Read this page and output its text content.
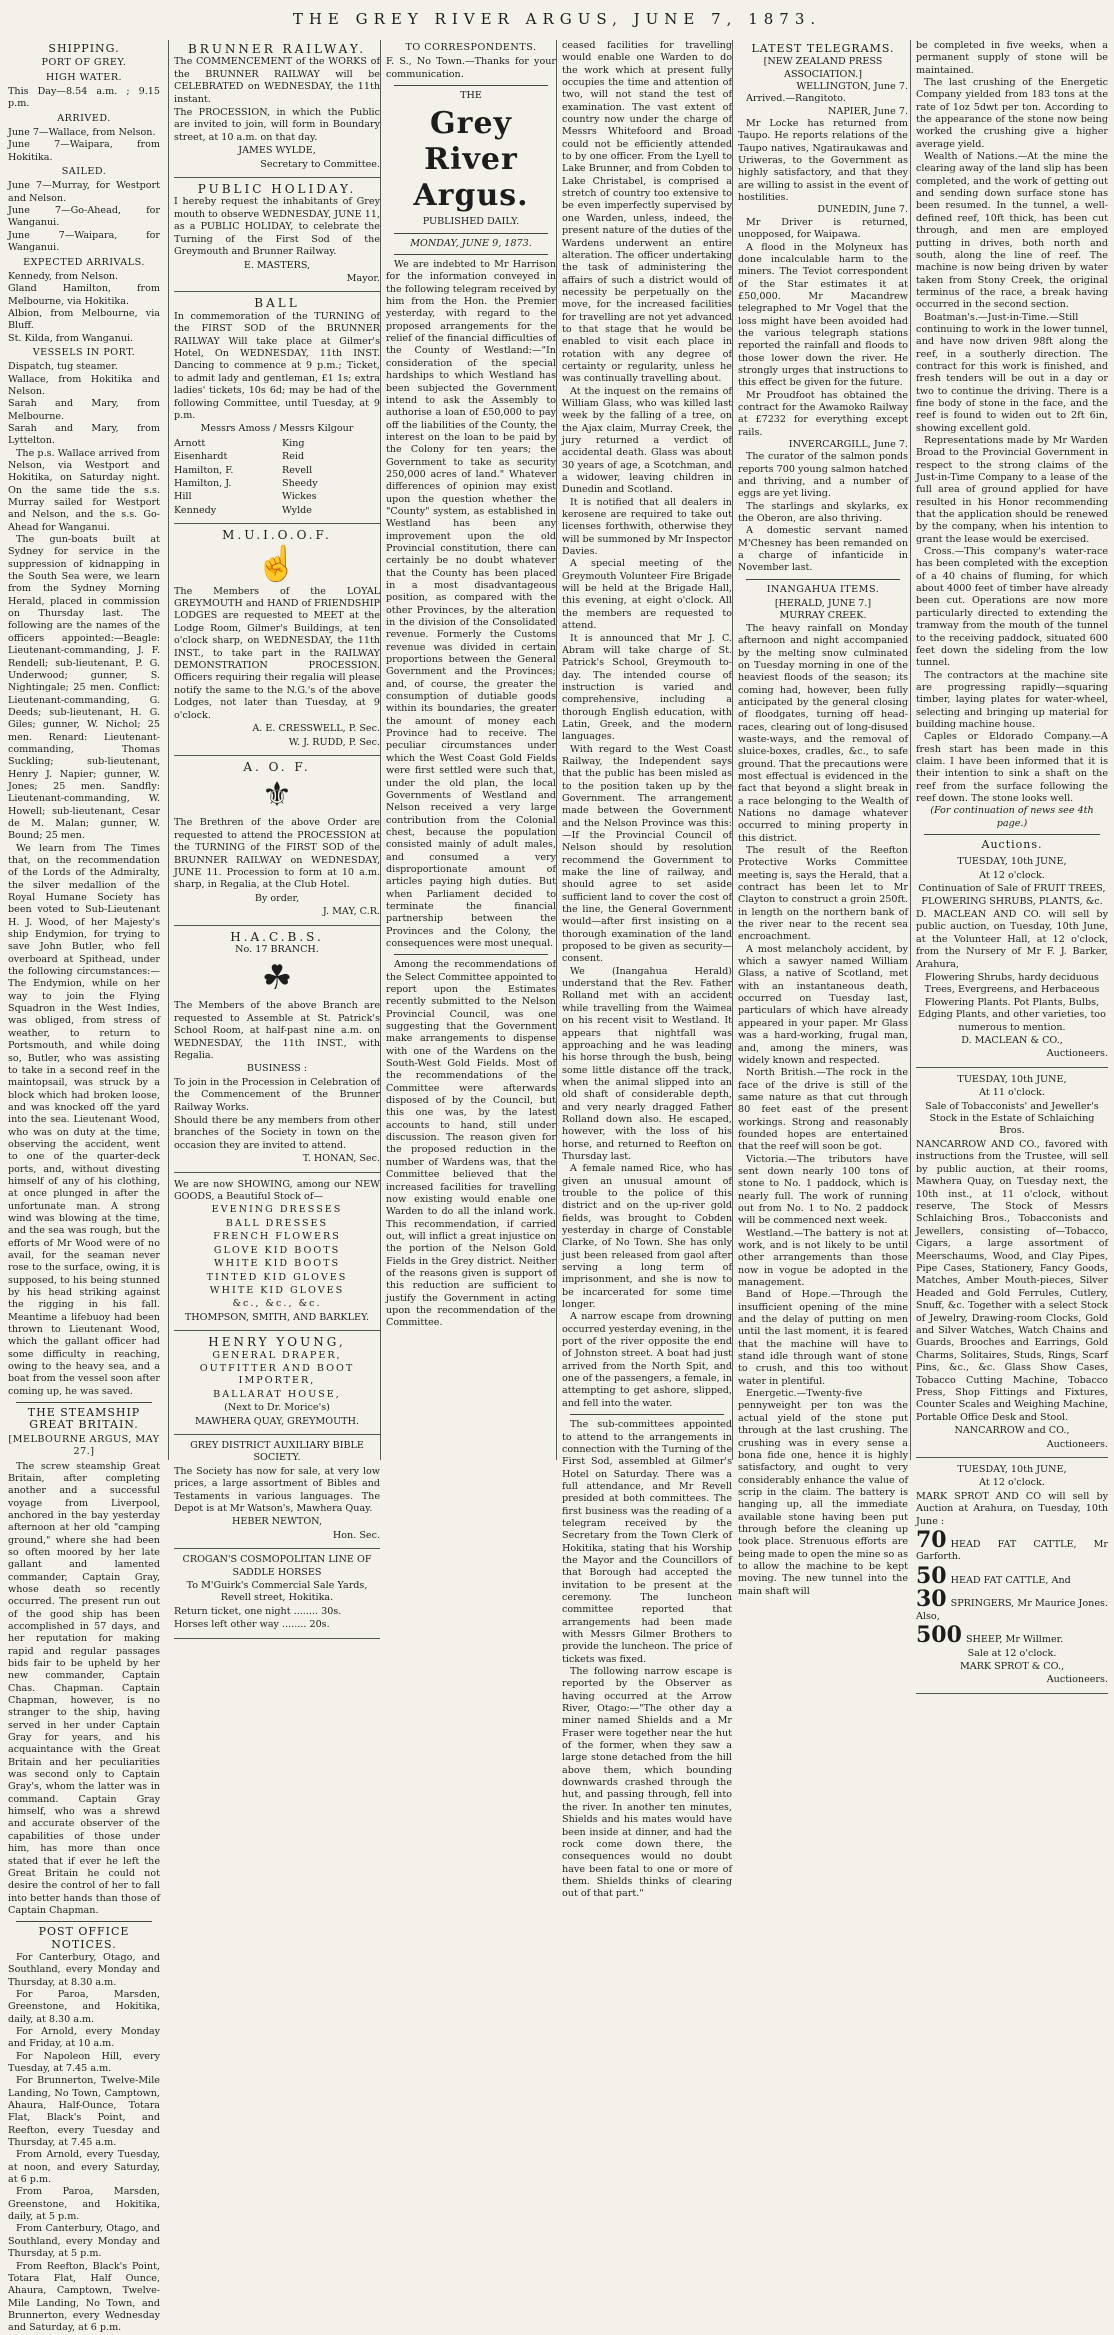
THE GREY RIVER ARGUS, JUNE 7, 1873.
SHIPPING.
PORT OF GREY.
HIGH WATER.

This Day—8.54 a.m. ; 9.15 p.m.

ARRIVED.

June 7—Wallace, from Nelson.

June 7—Waipara, from Hokitika.

SAILED.

June 7—Murray, for Westport and Nelson.

June 7—Go-Ahead, for Wanganui.

June 7—Waipara, for Wanganui.

EXPECTED ARRIVALS.

Kennedy, from Nelson.

Gland Hamilton, from Melbourne, via Hokitika.

Albion, from Melbourne, via Bluff.

St. Kilda, from Wanganui.

VESSELS IN PORT.

Dispatch, tug steamer.

Wallace, from Hokitika and Nelson.

Sarah and Mary, from Melbourne.

Sarah and Mary, from Lyttelton.

The p.s. Wallace arrived from Nelson, via Westport and Hokitika, on Saturday night. On the same tide the s.s. Murray sailed for Westport and Nelson, and the s.s. Go-Ahead for Wanganui.

The gun-boats built at Sydney for service in the suppression of kidnapping in the South Sea were, we learn from the Sydney Morning Herald, placed in commission on Thursday last. The following are the names of the officers appointed:—Beagle: Lieutenant-commanding, J. F. Rendell; sub-lieutenant, P. G. Underwood; gunner, S. Nightingale; 25 men. Conflict: Lieutenant-commanding, G. Deeds; sub-lieutenant, H. G. Giles; gunner, W. Nichol; 25 men. Renard: Lieutenant-commanding, Thomas Suckling; sub-lieutenant, Henry J. Napier; gunner, W. Jones; 25 men. Sandfly: Lieutenant-commanding, W. Howell; sub-lieutenant, Cesar de M. Malan; gunner, W. Bound; 25 men.

We learn from The Times that, on the recommendation of the Lords of the Admiralty, the silver medallion of the Royal Humane Society has been voted to Sub-Lieutenant H. J. Wood, of her Majesty's ship Endymion, for trying to save John Butler, who fell overboard at Spithead, under the following circumstances:—The Endymion, while on her way to join the Flying Squadron in the West Indies, was obliged, from stress of weather, to return to Portsmouth, and while doing so, Butler, who was assisting to take in a second reef in the maintopsail, was struck by a block which had broken loose, and was knocked off the yard into the sea. Lieutenant Wood, who was on duty at the time, observing the accident, went to one of the quarter-deck ports, and, without divesting himself of any of his clothing, at once plunged in after the unfortunate man. A strong wind was blowing at the time, and the sea was rough, but the efforts of Mr Wood were of no avail, for the seaman never rose to the surface, owing, it is supposed, to his being stunned by his head striking against the rigging in his fall. Meantime a lifebuoy had been thrown to Lieutenant Wood, which the gallant officer had some difficulty in reaching, owing to the heavy sea, and a boat from the vessel soon after coming up, he was saved.

THE STEAMSHIP GREAT BRITAIN.
[MELBOURNE ARGUS, MAY 27.]

The screw steamship Great Britain, after completing another and a successful voyage from Liverpool, anchored in the bay yesterday afternoon at her old "camping ground," where she had been so often moored by her late gallant and lamented commander, Captain Gray, whose death so recently occurred. The present run out of the good ship has been accomplished in 57 days, and her reputation for making rapid and regular passages bids fair to be upheld by her new commander, Captain Chas. Chapman. Captain Chapman, however, is no stranger to the ship, having served in her under Captain Gray for years, and his acquaintance with the Great Britain and her peculiarities was second only to Captain Gray's, whom the latter was in command. Captain Gray himself, who was a shrewd and accurate observer of the capabilities of those under him, has more than once stated that if ever he left the Great Britain he could not desire the control of her to fall into better hands than those of Captain Chapman.

POST OFFICE NOTICES.

For Canterbury, Otago, and Southland, every Monday and Thursday, at 8.30 a.m.

For Paroa, Marsden, Greenstone, and Hokitika, daily, at 8.30 a.m.

For Arnold, every Monday and Friday, at 10 a.m.

For Napoleon Hill, every Tuesday, at 7.45 a.m.

For Brunnerton, Twelve-Mile Landing, No Town, Camptown, Ahaura, Half-Ounce, Totara Flat, Black's Point, and Reefton, every Tuesday and Thursday, at 7.45 a.m.

From Arnold, every Tuesday, at noon, and every Saturday, at 6 p.m.

From Paroa, Marsden, Greenstone, and Hokitika, daily, at 5 p.m.

From Canterbury, Otago, and Southland, every Monday and Thursday, at 5 p.m.

From Reefton, Black's Point, Totara Flat, Half Ounce, Ahaura, Camptown, Twelve-Mile Landing, No Town, and Brunnerton, every Wednesday and Saturday, at 6 p.m.

BRUNNER RAILWAY.

The COMMENCEMENT of the WORKS of the BRUNNER RAILWAY will be CELEBRATED on WEDNESDAY, the 11th instant.

The PROCESSION, in which the Public are invited to join, will form in Boundary street, at 10 a.m. on that day.

JAMES WYLDE,

Secretary to Committee.

PUBLIC HOLIDAY.

I hereby request the inhabitants of Grey mouth to observe WEDNESDAY, JUNE 11, as a PUBLIC HOLIDAY, to celebrate the Turning of the First Sod of the Greymouth and Brunner Railway.

E. MASTERS,

Mayor.

BALL

In commemoration of the TURNING of the FIRST SOD of the BRUNNER RAILWAY Will take place at Gilmer's Hotel, On WEDNESDAY, 11th INST. Dancing to commence at 9 p.m.; Ticket, to admit lady and gentleman, £1 1s; extra ladies' tickets, 10s 6d; may be had of the following Committee, until Tuesday, at 9 p.m.

Messrs Amoss / Messrs Kilgour

Arnott

Eisenhardt

Hamilton, F.

Hamilton, J.

Hill

Kennedy

King

Reid

Revell

Sheedy

Wickes

Wylde

M.U.I.O.O.F.
☝

The Members of the LOYAL GREYMOUTH and HAND of FRIENDSHIP LODGES are requested to MEET at the Lodge Room, Gilmer's Buildings, at ten o'clock sharp, on WEDNESDAY, the 11th INST., to take part in the RAILWAY DEMONSTRATION PROCESSION. Officers requiring their regalia will please notify the same to the N.G.'s of the above Lodges, not later than Tuesday, at 9 o'clock.

A. E. CRESSWELL, P. Sec.

W. J. RUDD, P. Sec.

A. O. F.
⚜

The Brethren of the above Order are requested to attend the PROCESSION at the TURNING of the FIRST SOD of the BRUNNER RAILWAY on WEDNESDAY, JUNE 11. Procession to form at 10 a.m. sharp, in Regalia, at the Club Hotel.

By order,

J. MAY, C.R.

H.A.C.B.S.

No. 17 BRANCH.

☘

The Members of the above Branch are requested to Assemble at St. Patrick's School Room, at half-past nine a.m. on WEDNESDAY, the 11th INST., with Regalia.

BUSINESS :

To join in the Procession in Celebration of the Commencement of the Brunner Railway Works.

Should there be any members from other branches of the Society in town on the occasion they are invited to attend.

T. HONAN, Sec.

We are now SHOWING, among our NEW GOODS, a Beautiful Stock of—

EVENING DRESSES

BALL DRESSES

FRENCH FLOWERS

GLOVE KID BOOTS

WHITE KID BOOTS

TINTED KID GLOVES

WHITE KID GLOVES

&c., &c., &c.

THOMPSON, SMITH, AND BARKLEY.

HENRY YOUNG,

GENERAL DRAPER,

OUTFITTER AND BOOT IMPORTER,

BALLARAT HOUSE,

(Next to Dr. Morice's)

MAWHERA QUAY, GREYMOUTH.

GREY DISTRICT AUXILIARY BIBLE SOCIETY.

The Society has now for sale, at very low prices, a large assortment of Bibles and Testaments in various languages. The Depot is at Mr Watson's, Mawhera Quay.

HEBER NEWTON,

Hon. Sec.

CROGAN'S COSMOPOLITAN LINE OF SADDLE HORSES

To M'Guirk's Commercial Sale Yards, Revell street, Hokitika.

Return ticket, one night ........ 30s.

Horses left other way ........ 20s.

TO CORRESPONDENTS.

F. S., No Town.—Thanks for your communication.

THE

Grey River Argus.

PUBLISHED DAILY.

MONDAY, JUNE 9, 1873.

We are indebted to Mr Harrison for the information conveyed in the following telegram received by him from the Hon. the Premier yesterday, with regard to the proposed arrangements for the relief of the financial difficulties of the County of Westland:—"In consideration of the special hardships to which Westland has been subjected the Government intend to ask the Assembly to authorise a loan of £50,000 to pay off the liabilities of the County, the interest on the loan to be paid by the Colony for ten years; the Government to take as security 250,000 acres of land." Whatever differences of opinion may exist upon the question whether the "County" system, as established in Westland has been any improvement upon the old Provincial constitution, there can certainly be no doubt whatever that the County has been placed in a most disadvantageous position, as compared with the other Provinces, by the alteration in the division of the Consolidated revenue. Formerly the Customs revenue was divided in certain proportions between the General Government and the Provinces; and, of course, the greater the consumption of dutiable goods within its boundaries, the greater the amount of money each Province had to receive. The peculiar circumstances under which the West Coast Gold Fields were first settled were such that, under the old plan, the local Governments of Westland and Nelson received a very large contribution from the Colonial chest, because the population consisted mainly of adult males, and consumed a very disproportionate amount of articles paying high duties. But when Parliament decided to terminate the financial partnership between the Provinces and the Colony, the consequences were most unequal.

Among the recommendations of the Select Committee appointed to report upon the Estimates recently submitted to the Nelson Provincial Council, was one suggesting that the Government make arrangements to dispense with one of the Wardens on the South-West Gold Fields. Most of the recommendations of the Committee were afterwards disposed of by the Council, but this one was, by the latest accounts to hand, still under discussion. The reason given for the proposed reduction in the number of Wardens was, that the Committee believed that the increased facilities for travelling now existing would enable one Warden to do all the inland work. This recommendation, if carried out, will inflict a great injustice on the portion of the Nelson Gold Fields in the Grey district. Neither of the reasons given is support of this reduction are sufficient to justify the Government in acting upon the recommendation of the Committee.

ceased facilities for travelling would enable one Warden to do the work which at present fully occupies the time and attention of two, will not stand the test of examination. The vast extent of country now under the charge of Messrs Whitefoord and Broad could not be efficiently attended to by one officer. From the Lyell to Lake Brunner, and from Cobden to Lake Christabel, is comprised a stretch of country too extensive to be even imperfectly supervised by one Warden, unless, indeed, the present nature of the duties of the Wardens underwent an entire alteration. The officer undertaking the task of administering the affairs of such a district would of necessity be perpetually on the move, for the increased facilities for travelling are not yet advanced to that stage that he would be enabled to visit each place in rotation with any degree of certainty or regularity, unless he was continually travelling about.

At the inquest on the remains of William Glass, who was killed last week by the falling of a tree, on the Ajax claim, Murray Creek, the jury returned a verdict of accidental death. Glass was about 30 years of age, a Scotchman, and a widower, leaving children in Dunedin and Scotland.

It is notified that all dealers in kerosene are required to take out licenses forthwith, otherwise they will be summoned by Mr Inspector Davies.

A special meeting of the Greymouth Volunteer Fire Brigade will be held at the Brigade Hall, this evening, at eight o'clock. All the members are requested to attend.

It is announced that Mr J. C. Abram will take charge of St. Patrick's School, Greymouth to-day. The intended course of instruction is varied and comprehensive, including a thorough English education, with Latin, Greek, and the modern languages.

With regard to the West Coast Railway, the Independent says that the public has been misled as to the position taken up by the Government. The arrangement made between the Government and the Nelson Province was this:—If the Provincial Council of Nelson should by resolution recommend the Government to make the line of railway, and should agree to set aside sufficient land to cover the cost of the line, the General Government would—after first insisting on a thorough examination of the land proposed to be given as security—consent.

We (Inangahua Herald) understand that the Rev. Father Rolland met with an accident while travelling from the Waimea on his recent visit to Westland. It appears that nightfall was approaching and he was leading his horse through the bush, being some little distance off the track, when the animal slipped into an old shaft of considerable depth, and very nearly dragged Father Rolland down also. He escaped, however, with the loss of his horse, and returned to Reefton on Thursday last.

A female named Rice, who has given an unusual amount of trouble to the police of this district and on the up-river gold fields, was brought to Cobden yesterday in charge of Constable Clarke, of No Town. She has only just been released from gaol after serving a long term of imprisonment, and she is now to be incarcerated for some time longer.

A narrow escape from drowning occurred yesterday evening, in the port of the river opposite the end of Johnston street. A boat had just arrived from the North Spit, and one of the passengers, a female, in attempting to get ashore, slipped, and fell into the water.

The sub-committees appointed to attend to the arrangements in connection with the Turning of the First Sod, assembled at Gilmer's Hotel on Saturday. There was a full attendance, and Mr Revell presided at both committees. The first business was the reading of a telegram received by the Secretary from the Town Clerk of Hokitika, stating that his Worship the Mayor and the Councillors of that Borough had accepted the invitation to be present at the ceremony. The luncheon committee reported that arrangements had been made with Messrs Gilmer Brothers to provide the luncheon. The price of tickets was fixed.

The following narrow escape is reported by the Observer as having occurred at the Arrow River, Otago:—"The other day a miner named Shields and a Mr Fraser were together near the hut of the former, when they saw a large stone detached from the hill above them, which bounding downwards crashed through the hut, and passing through, fell into the river. In another ten minutes, Shields and his mates would have been inside at dinner, and had the rock come down there, the consequences would no doubt have been fatal to one or more of them. Shields thinks of clearing out of that part."

LATEST TELEGRAMS.

[NEW ZEALAND PRESS ASSOCIATION.]

WELLINGTON, June 7.

Arrived.—Rangitoto.

NAPIER, June 7.

Mr Locke has returned from Taupo. He reports relations of the Taupo natives, Ngatiraukawas and Uriweras, to the Government as highly satisfactory, and that they are willing to assist in the event of hostilities.

DUNEDIN, June 7.

Mr Driver is returned, unopposed, for Waipawa.

A flood in the Molyneux has done incalculable harm to the miners. The Teviot correspondent of the Star estimates it at £50,000. Mr Macandrew telegraphed to Mr Vogel that the loss might have been avoided had the various telegraph stations reported the rainfall and floods to those lower down the river. He strongly urges that instructions to this effect be given for the future.

Mr Proudfoot has obtained the contract for the Awamoko Railway at £7232 for everything except rails.

INVERCARGILL, June 7.

The curator of the salmon ponds reports 700 young salmon hatched and thriving, and a number of eggs are yet living.

The starlings and skylarks, ex the Oberon, are also thriving.

A domestic servant named M'Chesney has been remanded on a charge of infanticide in November last.

INANGAHUA ITEMS.

[HERALD, JUNE 7.]

MURRAY CREEK.

The heavy rainfall on Monday afternoon and night accompanied by the melting snow culminated on Tuesday morning in one of the heaviest floods of the season; its coming had, however, been fully anticipated by the general closing of floodgates, turning off head-races, clearing out of long-disused waste-ways, and the removal of sluice-boxes, cradles, &c., to safe ground. That the precautions were most effectual is evidenced in the fact that beyond a slight break in a race belonging to the Wealth of Nations no damage whatever occurred to mining property in this district.

The result of the Reefton Protective Works Committee meeting is, says the Herald, that a contract has been let to Mr Clayton to construct a groin 250ft. in length on the northern bank of the river near to the recent sea encroachment.

A most melancholy accident, by which a sawyer named William Glass, a native of Scotland, met with an instantaneous death, occurred on Tuesday last, particulars of which have already appeared in your paper. Mr Glass was a hard-working, frugal man, and, among the miners, was widely known and respected.

North British.—The rock in the face of the drive is still of the same nature as that cut through 80 feet east of the present workings. Strong and reasonably founded hopes are entertained that the reef will soon be got.

Victoria.—The tributors have sent down nearly 100 tons of stone to No. 1 paddock, which is nearly full. The work of running out from No. 1 to No. 2 paddock will be commenced next week.

Westland.—The battery is not at work, and is not likely to be until other arrangements than those now in vogue be adopted in the management.

Band of Hope.—Through the insufficient opening of the mine and the delay of putting on men until the last moment, it is feared that the machine will have to stand idle through want of stone to crush, and this too without water in plentiful.

Energetic.—Twenty-five pennyweight per ton was the actual yield of the stone put through at the last crushing. The crushing was in every sense a bona fide one, hence it is highly satisfactory, and ought to very considerably enhance the value of scrip in the claim. The battery is hanging up, all the immediate available stone having been put through before the cleaning up took place. Strenuous efforts are being made to open the mine so as to allow the machine to be kept moving. The new tunnel into the main shaft will

be completed in five weeks, when a permanent supply of stone will be maintained.

The last crushing of the Energetic Company yielded from 183 tons at the rate of 1oz 5dwt per ton. According to the appearance of the stone now being worked the crushing give a higher average yield.

Wealth of Nations.—At the mine the clearing away of the land slip has been completed, and the work of getting out and sending down surface stone has been resumed. In the tunnel, a well-defined reef, 10ft thick, has been cut through, and men are employed putting in drives, both north and south, along the line of reef. The machine is now being driven by water taken from Stony Creek, the original terminus of the race, a break having occurred in the second section.

Boatman's.—Just-in-Time.—Still continuing to work in the lower tunnel, and have now driven 98ft along the reef, in a southerly direction. The contract for this work is finished, and fresh tenders will be out in a day or two to continue the driving. There is a fine body of stone in the face, and the reef is found to widen out to 2ft 6in, showing excellent gold.

Representations made by Mr Warden Broad to the Provincial Government in respect to the strong claims of the Just-in-Time Company to a lease of the full area of ground applied for have resulted in his Honor recommending that the application should be renewed by the company, when his intention to grant the lease would be exercised.

Cross.—This company's water-race has been completed with the exception of a 40 chains of fluming, for which about 4000 feet of timber have already been cut. Operations are now more particularly directed to extending the tramway from the mouth of the tunnel to the receiving paddock, situated 600 feet down the sideling from the low tunnel.

The contractors at the machine site are progressing rapidly—squaring timber, laying plates for water-wheel, selecting and bringing up material for building machine house.

Caples or Eldorado Company.—A fresh start has been made in this claim. I have been informed that it is their intention to sink a shaft on the reef from the surface following the reef down. The stone looks well.

(For continuation of news see 4th page.)

Auctions.

TUESDAY, 10th JUNE,

At 12 o'clock.

Continuation of Sale of FRUIT TREES, FLOWERING SHRUBS, PLANTS, &c.

D. MACLEAN AND CO. will sell by public auction, on Tuesday, 10th June, at the Volunteer Hall, at 12 o'clock, from the Nursery of Mr F. J. Barker, Arahura,

Flowering Shrubs, hardy deciduous Trees, Evergreens, and Herbaceous Flowering Plants. Pot Plants, Bulbs, Edging Plants, and other varieties, too numerous to mention.

D. MACLEAN & CO.,

Auctioneers.

TUESDAY, 10th JUNE,

At 11 o'clock.

Sale of Tobacconists' and Jeweller's Stock in the Estate of Schlaiching Bros.

NANCARROW AND CO., favored with instructions from the Trustee, will sell by public auction, at their rooms, Mawhera Quay, on Tuesday next, the 10th inst., at 11 o'clock, without reserve, The Stock of Messrs Schlaiching Bros., Tobacconists and Jewellers, consisting of—Tobacco, Cigars, a large assortment of Meerschaums, Wood, and Clay Pipes, Pipe Cases, Stationery, Fancy Goods, Matches, Amber Mouth-pieces, Silver Headed and Gold Ferrules, Cutlery, Snuff, &c. Together with a select Stock of Jewelry, Drawing-room Clocks, Gold and Silver Watches, Watch Chains and Guards, Brooches and Earrings, Gold Charms, Solitaires, Studs, Rings, Scarf Pins, &c., &c. Glass Show Cases, Tobacco Cutting Machine, Tobacco Press, Shop Fittings and Fixtures, Counter Scales and Weighing Machine, Portable Office Desk and Stool.

NANCARROW and CO.,

Auctioneers.

TUESDAY, 10th JUNE,

At 12 o'clock.

MARK SPROT AND CO will sell by Auction at Arahura, on Tuesday, 10th June :

70 HEAD FAT CATTLE, Mr Garforth.

50 HEAD FAT CATTLE, And

30 SPRINGERS, Mr Maurice Jones. Also,

500 SHEEP, Mr Willmer.

Sale at 12 o'clock.

MARK SPROT & CO.,

Auctioneers.
